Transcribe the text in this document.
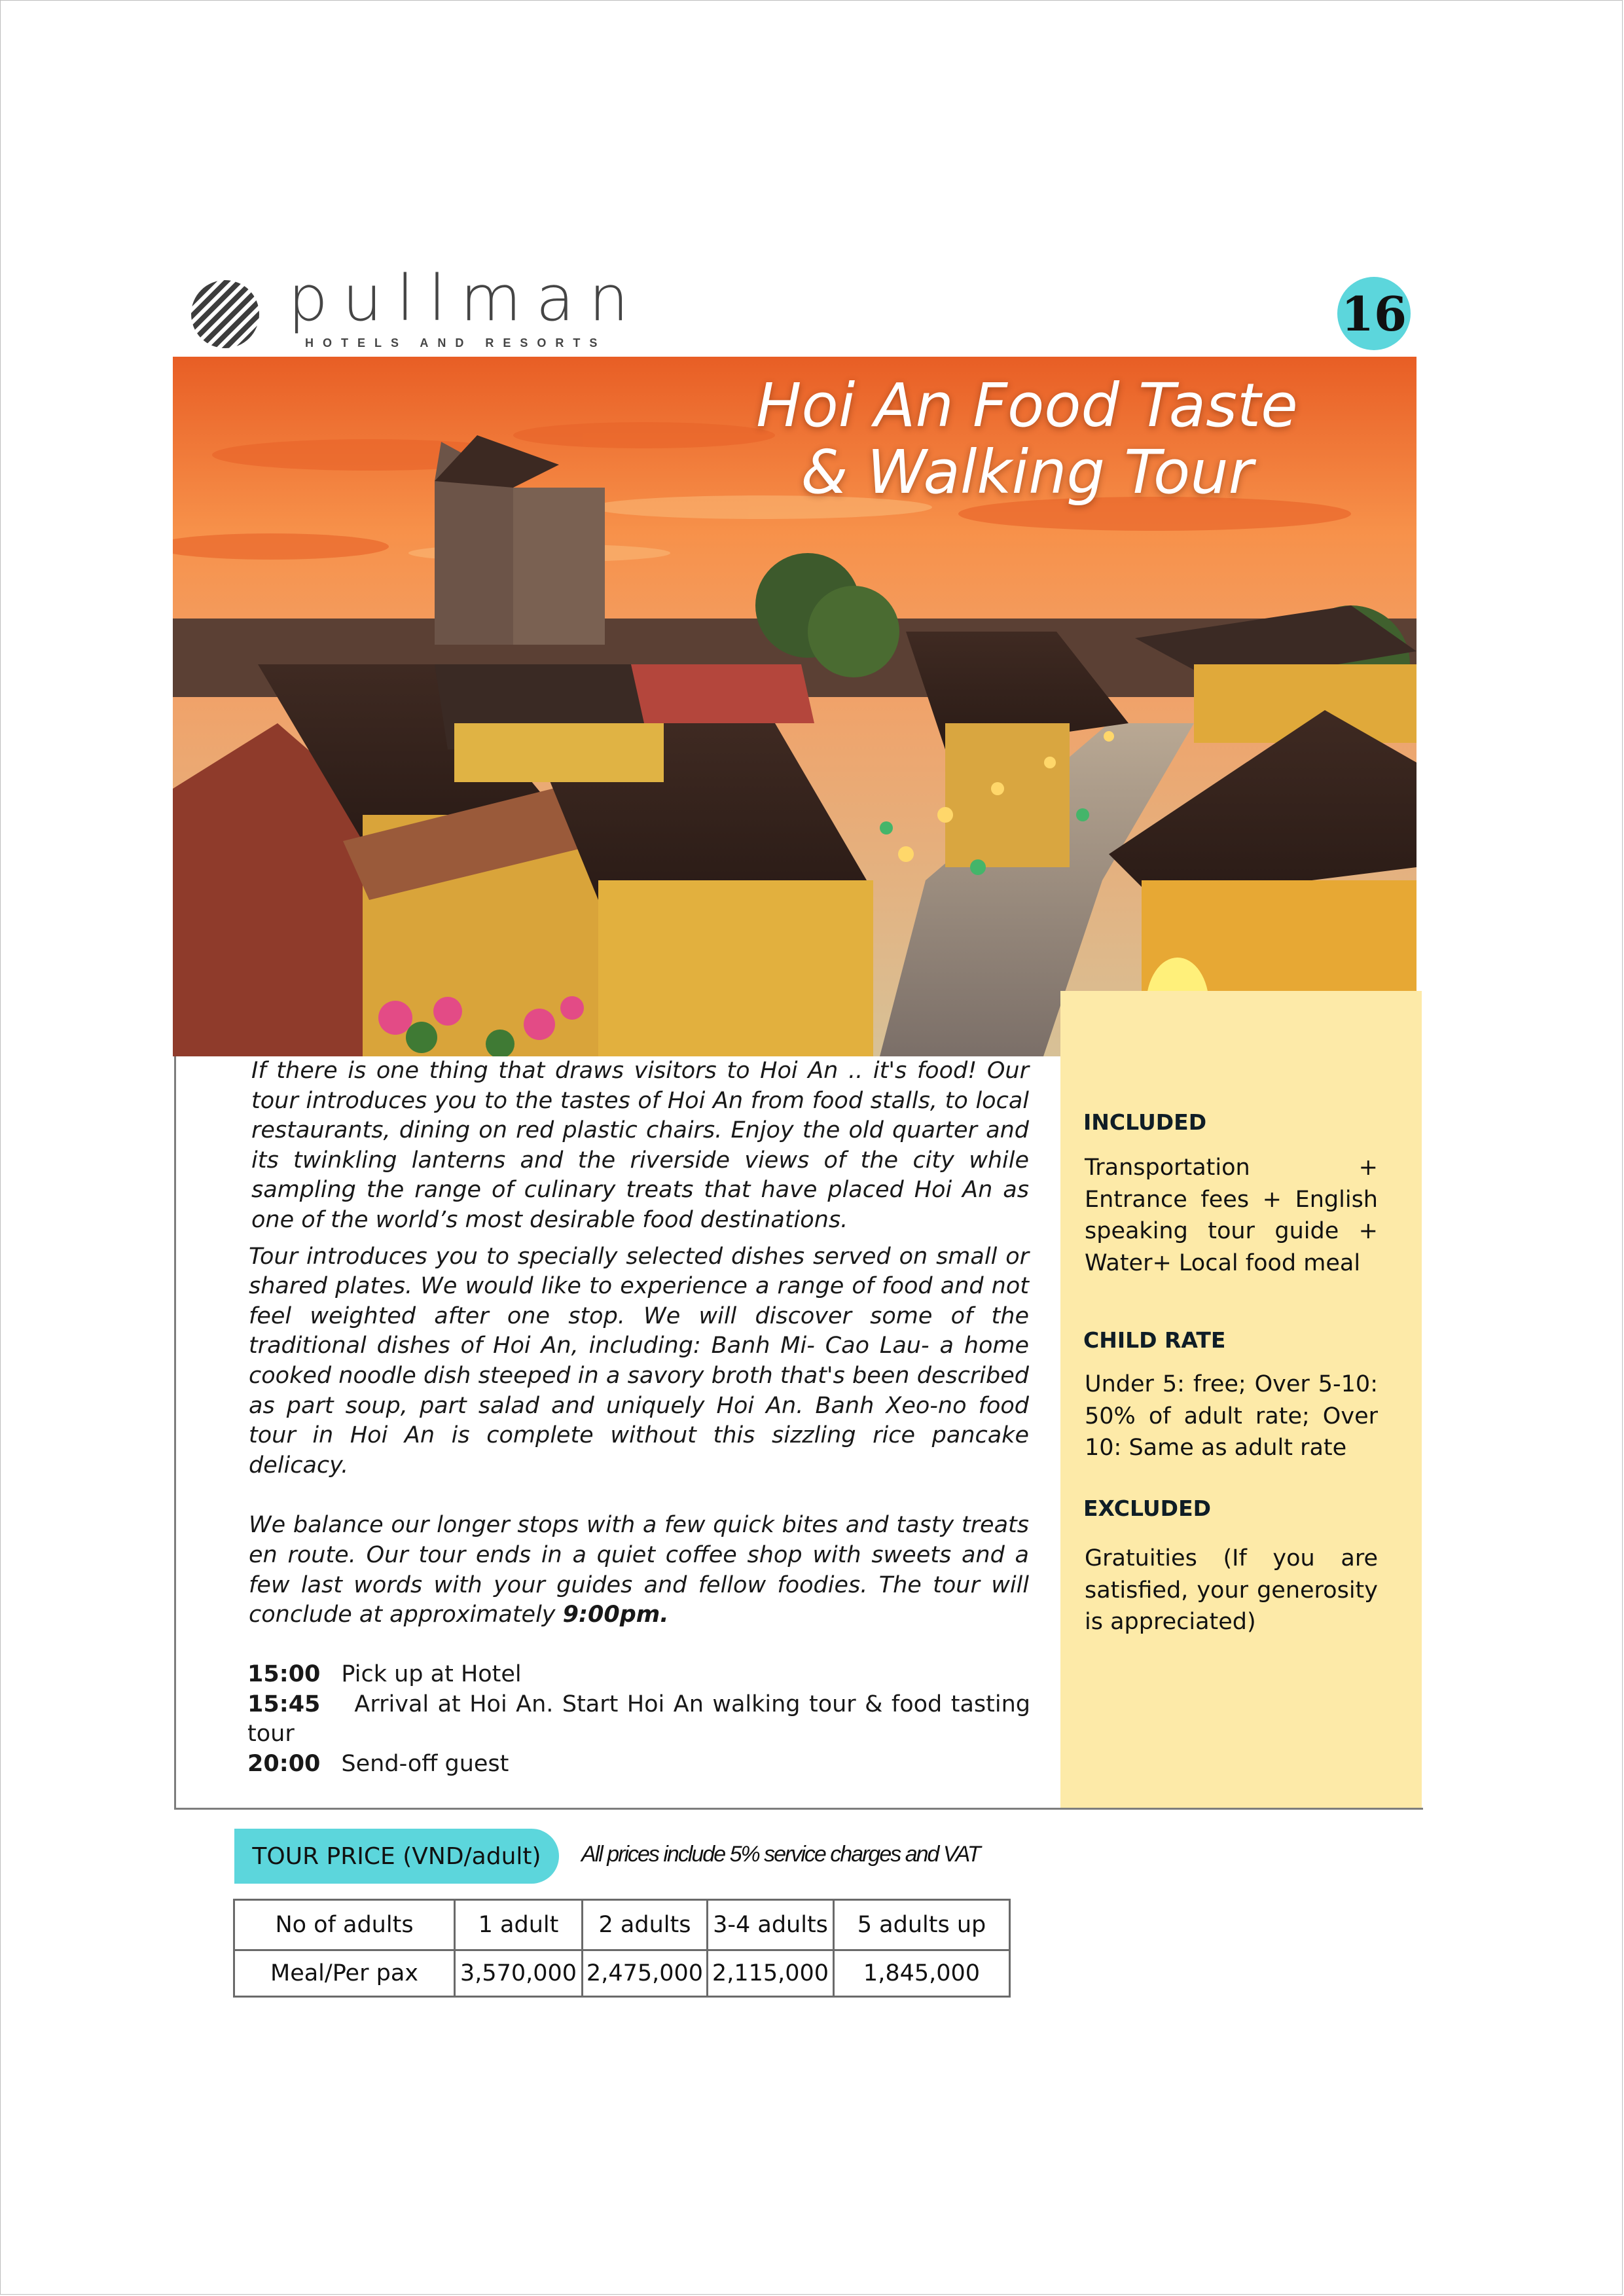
pullman
HOTELS AND RESORTS
16
Hoi An Food Taste
& Walking Tour
INCLUDED
Transportation + Entrance fees + English speaking tour guide + Water+ Local food meal
CHILD RATE
Under 5: free; Over 5-10: 50% of adult rate; Over 10: Same as adult rate
EXCLUDED
Gratuities (If you are satisfied, your generosity is appreciated)

If there is one thing that draws visitors to Hoi An .. it's food! Our tour introduces you to the tastes of Hoi An from food stalls, to local restaurants, dining on red plastic chairs. Enjoy the old quarter and its twinkling lanterns and the riverside views of the city while sampling the range of culinary treats that have placed Hoi An as one of the world’s most desirable food destinations.

Tour introduces you to specially selected dishes served on small or shared plates. We would like to experience a range of food and not feel weighted after one stop. We will discover some of the traditional dishes of Hoi An, including: Banh Mi- Cao Lau- a home cooked noodle dish steeped in a savory broth that's been described as part soup, part salad and uniquely Hoi An. Banh Xeo-no food tour in Hoi An is complete without this sizzling rice pancake delicacy.

We balance our longer stops with a few quick bites and tasty treats en route. Our tour ends in a quiet coffee shop with sweets and a few last words with your guides and fellow foodies. The tour will conclude at approximately 9:00pm.

15:00 Pick up at Hotel

15:45 Arrival at Hoi An. Start Hoi An walking tour & food tasting tour

20:00 Send-off guest

TOUR PRICE (VND/adult)	All prices include 5% service charges and VAT
No of adults	1 adult	2 adults	3-4 adults	5 adults up
Meal/Per pax	3,570,000	2,475,000	2,115,000	1,845,000
